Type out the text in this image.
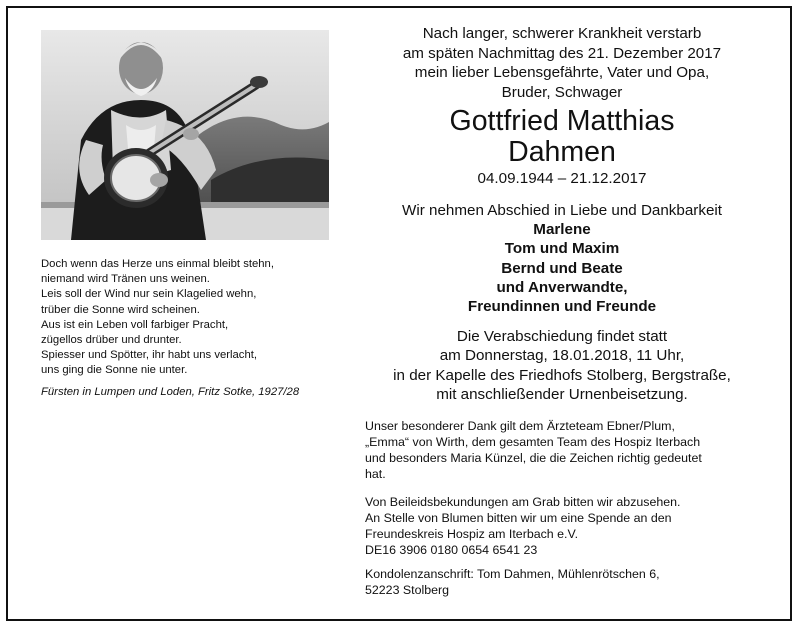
Doch wenn das Herze uns einmal bleibt stehn,
niemand wird Tränen uns weinen.
Leis soll der Wind nur sein Klagelied wehn,
trüber die Sonne wird scheinen.
Aus ist ein Leben voll farbiger Pracht,
zügellos drüber und drunter.
Spiesser und Spötter, ihr habt uns verlacht,
uns ging die Sonne nie unter.
Fürsten in Lumpen und Loden, Fritz Sotke, 1927/28
Nach langer, schwerer Krankheit verstarb
am späten Nachmittag des 21. Dezember 2017
mein lieber Lebensgefährte, Vater und Opa,
Bruder, Schwager
Gottfried Matthias
Dahmen
04.09.1944 – 21.12.2017
Wir nehmen Abschied in Liebe und Dankbarkeit
Marlene
Tom und Maxim
Bernd und Beate
und Anverwandte,
Freundinnen und Freunde
Die Verabschiedung findet statt
am Donnerstag, 18.01.2018, 11 Uhr,
in der Kapelle des Friedhofs Stolberg, Bergstraße,
mit anschließender Urnenbeisetzung.
Unser besonderer Dank gilt dem Ärzteteam Ebner/Plum,
„Emma“ von Wirth, dem gesamten Team des Hospiz Iterbach
und besonders Maria Künzel, die die Zeichen richtig gedeutet
hat.
Von Beileidsbekundungen am Grab bitten wir abzusehen.
An Stelle von Blumen bitten wir um eine Spende an den
Freundeskreis Hospiz am Iterbach e.V.
DE16 3906 0180 0654 6541 23
Kondolenzanschrift: Tom Dahmen, Mühlenrötschen 6,
52223 Stolberg
